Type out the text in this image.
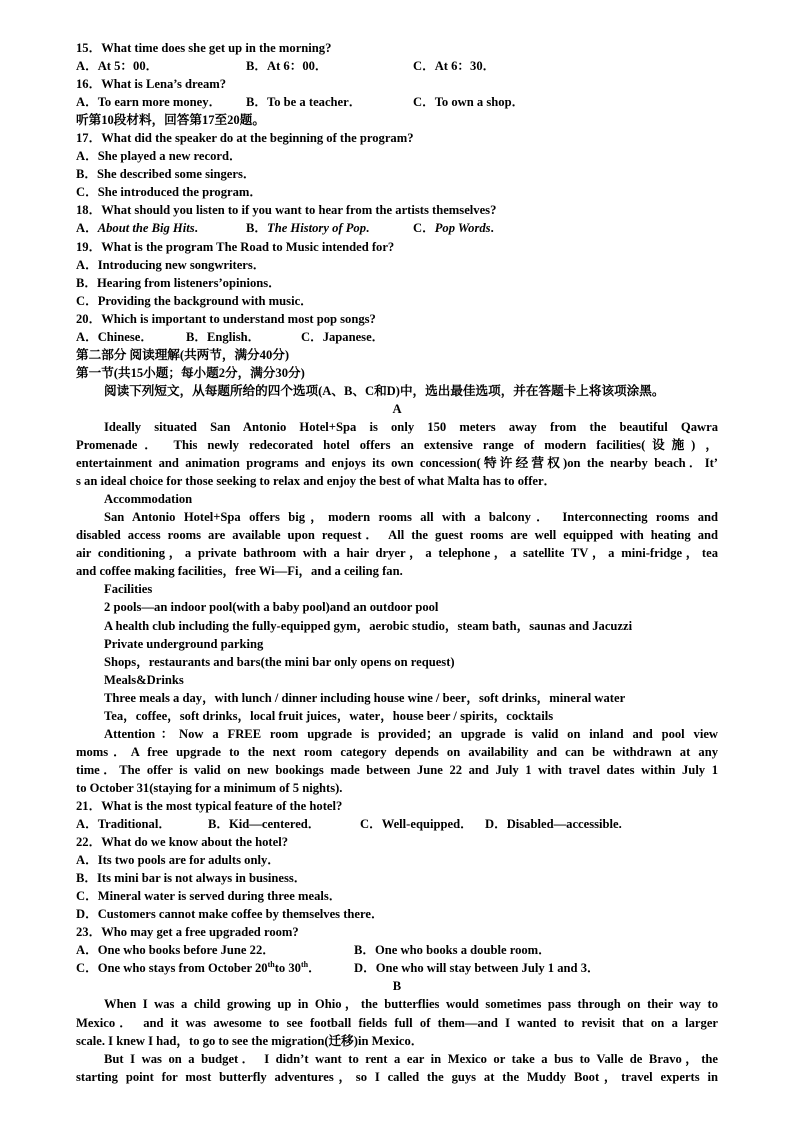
15．What time does she get up in the morning?
A．At 5：00．	B．At 6：00．	C．At 6：30．
16．What is Lena’s dream?
A．To earn more money．	B．To be a teacher．	C．To own a shop．
听第10段材料，回答第17至20题。
17．What did the speaker do at the beginning of the program?
A．She played a new record．
B．She described some singers．
C．She introduced the program．
18．What should you listen to if you want to hear from the artists themselves?
A．About the Big Hits.	B．The History of Pop.	C．Pop Words.
19．What is the program The Road to Music intended for?
A．Introducing new songwriters．
B．Hearing from listeners’opinions．
C．Providing the background with music．
20．Which is important to understand most pop songs?
A．Chinese．	B．English．	C．Japanese．
第二部分 阅读理解(共两节，满分40分)
第一节(共15小题；每小题2分，满分30分)
阅读下列短文，从每题所给的四个选项(A、B、C和D)中，选出最佳选项，并在答题卡上将该项涂黑。
A
Ideally situated San Antonio Hotel+Spa is only 150 meters away from the beautiful Qawra
Promenade． This newly redecorated hotel offers an extensive range of modern facilities(设施) ，
entertainment and animation programs and enjoys its own concession(特许经营权)on the nearby beach．It’
s an ideal choice for those seeking to relax and enjoy the best of what Malta has to offer．
Accommodation
San Antonio Hotel+Spa offers big，modern rooms all with a balcony． Interconnecting rooms and
disabled access rooms are available upon request． All the guest rooms are well equipped with heating and
air conditioning，a private bathroom with a hair dryer，a telephone，a satellite TV，a mini-fridge，tea
and coffee making facilities，free Wi—Fi，and a ceiling fan.
Facilities
2 pools—an indoor pool(with a baby pool)and an outdoor pool
A health club including the fully-equipped gym，aerobic studio，steam bath，saunas and Jacuzzi
Private underground parking
Shops，restaurants and bars(the mini bar only opens on request)
Meals&Drinks
Three meals a day，with lunch / dinner including house wine / beer，soft drinks，mineral water
Tea，coffee，soft drinks，local fruit juices，water，house beer / spirits，cocktails
Attention：Now a FREE room upgrade is provided；an upgrade is valid on inland and pool view
moms．A free upgrade to the next room category depends on availability and can be withdrawn at any
time．The offer is valid on new bookings made between June 22 and July 1 with travel dates within July 1
to October 31(staying for a minimum of 5 nights).
21．What is the most typical feature of the hotel?
A．Traditional．	B．Kid—centered．	C．Well-equipped． D．Disabled—accessible.
22．What do we know about the hotel?
A．Its two pools are for adults only．
B．Its mini bar is not always in business．
C．Mineral water is served during three meals．
D．Customers cannot make coffee by themselves there．
23．Who may get a free upgraded room?
A．One who books before June 22．	B．One who books a double room．
C．One who stays from October 20thto 30th．	D．One who will stay between July 1 and 3．
B
When I was a child growing up in Ohio，the butterflies would sometimes pass through on their way to
Mexico． and it was awesome to see football fields full of them—and I wanted to revisit that on a larger
scale. I knew I had，to go to see the migration(迁移)in Mexico．
But I was on a budget． I didn’t want to rent a ear in Mexico or take a bus to Valle de Bravo，the
starting point for most butterfly adventures，so I called the guys at the Muddy Boot，travel experts in
